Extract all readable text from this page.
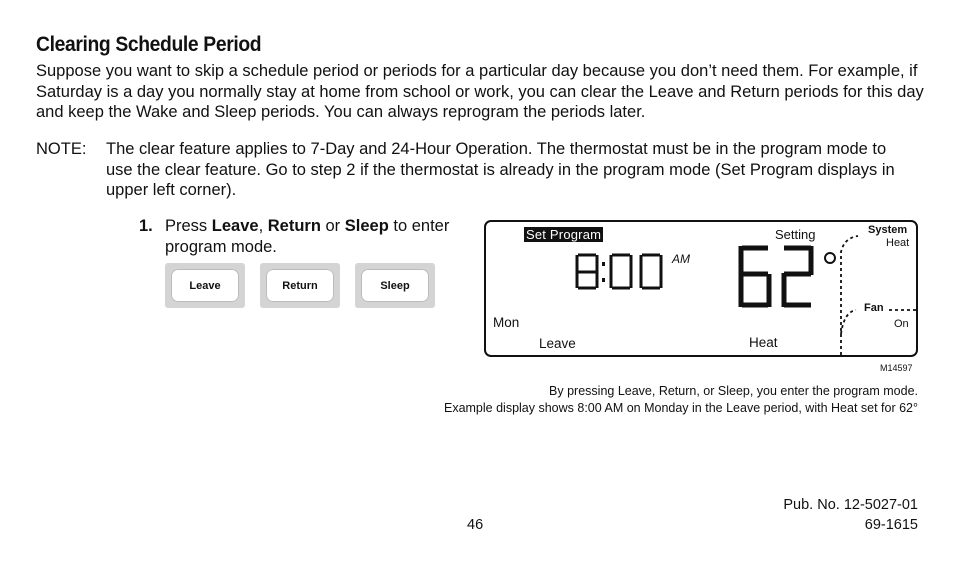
Clearing Schedule Period
Suppose you want to skip a schedule period or periods for a particular day because you don’t need them. For example, if Saturday is a day you normally stay at home from school or work, you can clear the Leave and Return periods for this day and keep the Wake and Sleep periods. You can always reprogram the periods later.
NOTE: The clear feature applies to 7-Day and 24-Hour Operation. The thermostat must be in the program mode to use the clear feature. Go to step 2 if the thermostat is already in the program mode (Set Program displays in upper left corner).
1. Press Leave, Return or Sleep to enter program mode.
Leave	Return	Sleep
Set Program
AM
Setting	System
Heat
Fan
On
Mon
Leave	Heat
M14597
By pressing Leave, Return, or Sleep, you enter the program mode.
Example display shows 8:00 AM on Monday in the Leave period, with Heat set for 62°
46
Pub. No. 12-5027-01
69-1615
